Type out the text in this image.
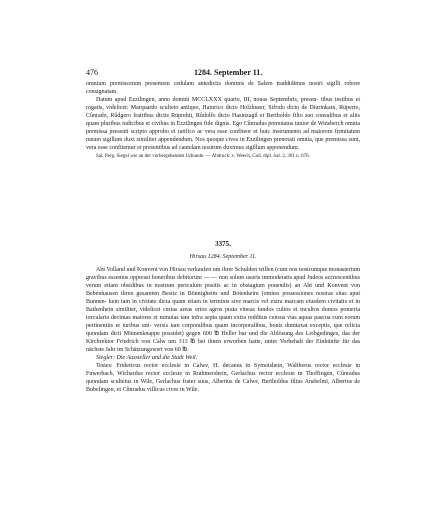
476	1284. September 11.

omnium premissorum presentem cedulam antedictis dominis de Salem traddidimus nostri sigilli robore consignatam.

Datum apud Ezzilingen, anno domini MCCLXXX quarto, III, nonas Septembris, presen- tibus testibus et rogatis, videlicet: Marquardo sculteto antiquo, Hainrico dicto Holzhuser, Sifrido dicto de Diurinkain, Rüperto, Cûnrado, Rûdgero fratribus dictis Rüprehti, Rûdolfo dicto Hasinzagil et Bertholdo filio suo consulibus et aliis quam pluribus iudicibus et civibus in Ezzilingen fide dignis. Ego Cûnradus prenotatus iunior de Winsberch omnia premissa presenti scripto approbo et ratifico ac vera esse confiteor et huic instrumento ad maiorem firmitatem meum sigillum duxi similiter appendendum. Nos quoque cives in Ezzilingen prenotati omnia, que premissa sunt, vera esse confitemur et presentibus ad cautelam nostrum duximus sigillum apponendum.

Sal. Perg. Siegel wie an der vorhergehenden Urkunde. — Abdruck: v. Weech, Cod. dipl. Sal. 2, 301 n. 676.

3375.
Hirsau 1284. September 11.

Abt Volland und Konvent von Hirsau verkaufen um ihrer Schulden willen (cum nos nostrumque monasterium gravibus essemus oppressi honeribus debitorum — — non solum usuris immoderatis apud Judeos accrescentibus verum etiam obsidibus in nostrum periculum positis ac in obstagium ponendis) an Abt und Konvent von Bebenhausen ihren gesamten Besitz in Bönnigheim und Botenheim (omnes possessiones nostras sitas aput Bunnen- kein tam in civitate dicta quam etiam in terminis sive marcis vel extra marcam eiusdem civitatis et in Bathenhein similiter, videlicet curias areas ortos agros prata vineas fundos cultos et incultos domos pomeria torcularia decimas maiores et minutas tam infra septa quam extra redditus census vias aquas pascua cum eorum pertinentiis et iuribus uni- versis tam corporalibus quam incorporalibus, bonis dumtaxat exceptis, que relicta quondam dicti Minnenknappe possidet) gegen 600 ℔ Heller bar und die Ablösung des Leibgedinges, das der Kirchrektor Friedrich von Calw um 313 ℔ bei ihnen erworben hatte, unter Vorbehalt der Einkünfte für das nächste Jahr im Schätzungswert von 60 ℔.

Siegler: Die Aussteller und die Stadt Weil.

Testes: Fridericus rector ecclesie in Calwe, H. decanus in Symotshein, Waltherus rector ecclesie in Fuwerbach, Wichardus rector ecclesie in Ruthmershein, Gerlachus rector ecclesie in Thoffingen, Cûnradus quondam scultetus in Wile, Gerlachus frater suus, Albertus de Calwe, Bertholdus filius Anshelmi, Albertus de Bobelingen, et Cûnradus villicus cives in Wile.
